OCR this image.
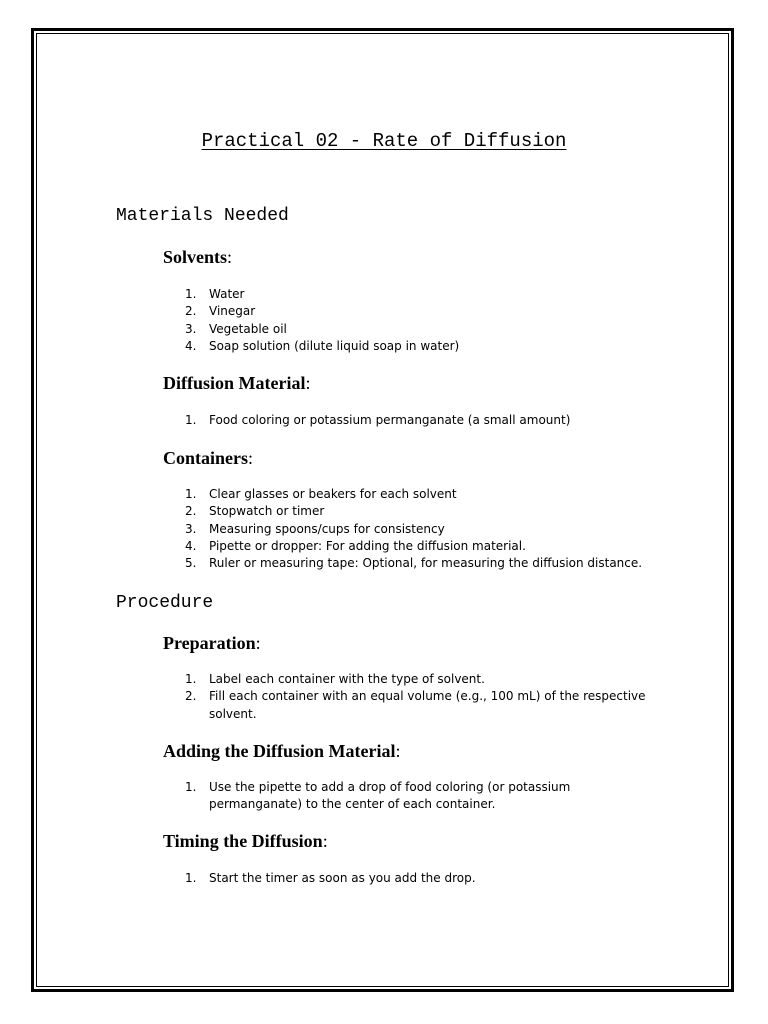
Practical 02 - Rate of Diffusion
Materials Needed
Solvents:
1. Water
2. Vinegar
3. Vegetable oil
4. Soap solution (dilute liquid soap in water)
Diffusion Material:
1. Food coloring or potassium permanganate (a small amount)
Containers:
1. Clear glasses or beakers for each solvent
2. Stopwatch or timer
3. Measuring spoons/cups for consistency
4. Pipette or dropper: For adding the diffusion material.
5. Ruler or measuring tape: Optional, for measuring the diffusion distance.
Procedure
Preparation:
1. Label each container with the type of solvent.
2. Fill each container with an equal volume (e.g., 100 mL) of the respective solvent.
Adding the Diffusion Material:
1. Use the pipette to add a drop of food coloring (or potassium permanganate) to the center of each container.
Timing the Diffusion:
1. Start the timer as soon as you add the drop.
